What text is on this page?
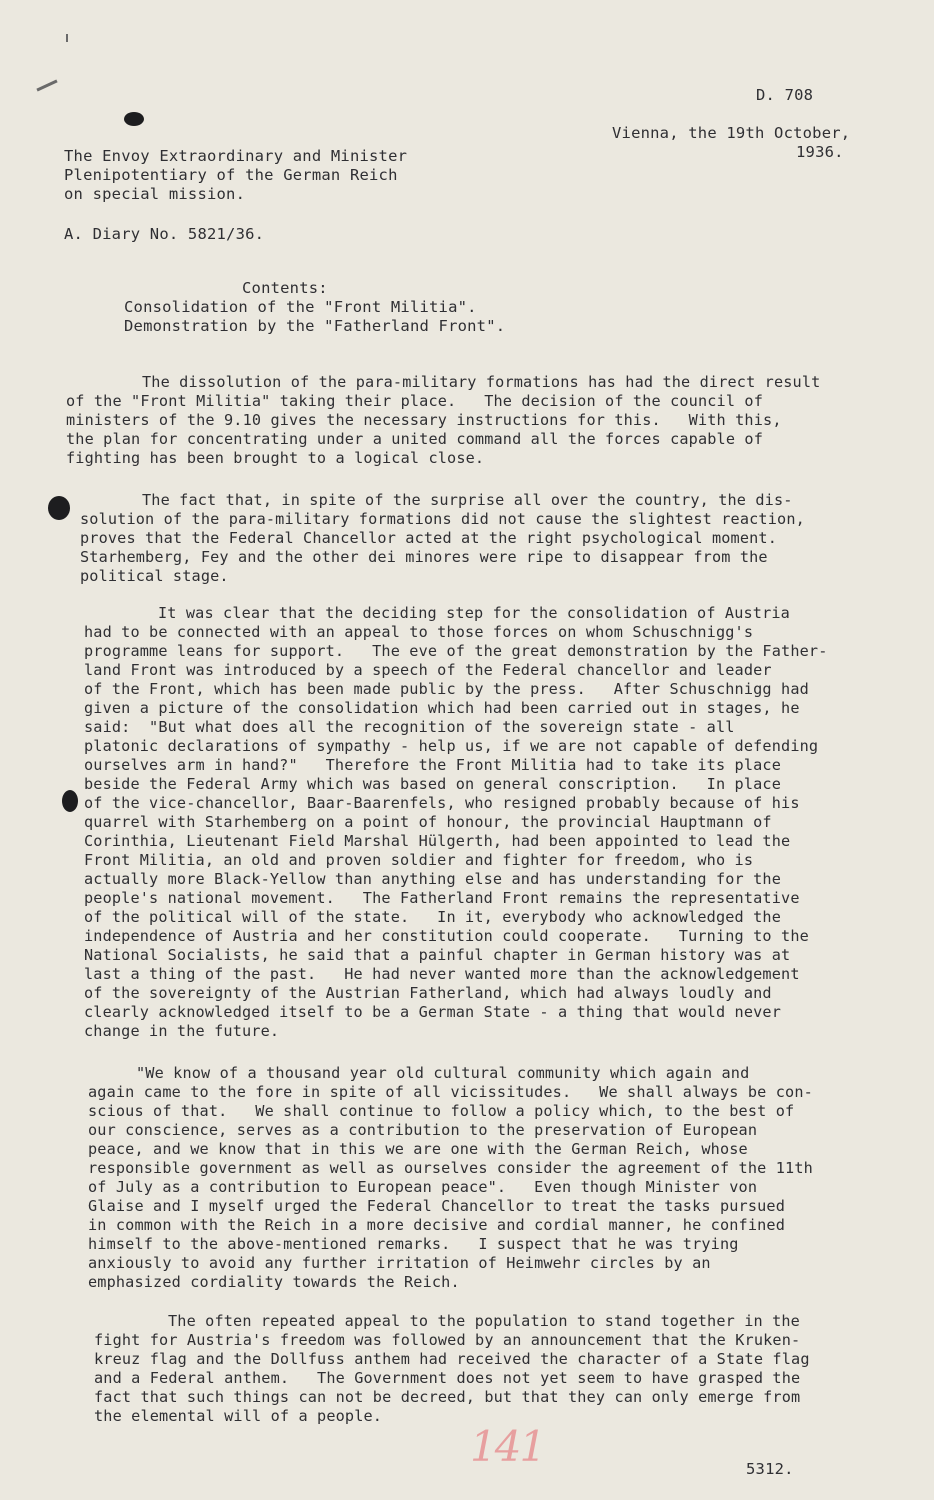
D. 708

Vienna, the 19th October,

1936.

The Envoy Extraordinary and Minister

Plenipotentiary of the German Reich

on special mission.

A. Diary No. 5821/36.

Contents:

Consolidation of the "Front Militia".

Demonstration by the "Fatherland Front".

The dissolution of the para-military formations has had the direct result
of the "Front Militia" taking their place.   The decision of the council of
ministers of the 9.10 gives the necessary instructions for this.   With this,
the plan for concentrating under a united command all the forces capable of
fighting has been brought to a logical close.

The fact that, in spite of the surprise all over the country, the dis-
solution of the para-military formations did not cause the slightest reaction,
proves that the Federal Chancellor acted at the right psychological moment.
Starhemberg, Fey and the other dei minores were ripe to disappear from the
political stage.

It was clear that the deciding step for the consolidation of Austria
had to be connected with an appeal to those forces on whom Schuschnigg's
programme leans for support.   The eve of the great demonstration by the Father-
land Front was introduced by a speech of the Federal chancellor and leader
of the Front, which has been made public by the press.   After Schuschnigg had
given a picture of the consolidation which had been carried out in stages, he
said:  "But what does all the recognition of the sovereign state - all
platonic declarations of sympathy - help us, if we are not capable of defending
ourselves arm in hand?"   Therefore the Front Militia had to take its place
beside the Federal Army which was based on general conscription.   In place
of the vice-chancellor, Baar-Baarenfels, who resigned probably because of his
quarrel with Starhemberg on a point of honour, the provincial Hauptmann of
Corinthia, Lieutenant Field Marshal Hülgerth, had been appointed to lead the
Front Militia, an old and proven soldier and fighter for freedom, who is
actually more Black-Yellow than anything else and has understanding for the
people's national movement.   The Fatherland Front remains the representative
of the political will of the state.   In it, everybody who acknowledged the
independence of Austria and her constitution could cooperate.   Turning to the
National Socialists, he said that a painful chapter in German history was at
last a thing of the past.   He had never wanted more than the acknowledgement
of the sovereignty of the Austrian Fatherland, which had always loudly and
clearly acknowledged itself to be a German State - a thing that would never
change in the future.

"We know of a thousand year old cultural community which again and
again came to the fore in spite of all vicissitudes.   We shall always be con-
scious of that.   We shall continue to follow a policy which, to the best of
our conscience, serves as a contribution to the preservation of European
peace, and we know that in this we are one with the German Reich, whose
responsible government as well as ourselves consider the agreement of the 11th
of July as a contribution to European peace".   Even though Minister von
Glaise and I myself urged the Federal Chancellor to treat the tasks pursued
in common with the Reich in a more decisive and cordial manner, he confined
himself to the above-mentioned remarks.   I suspect that he was trying
anxiously to avoid any further irritation of Heimwehr circles by an
emphasized cordiality towards the Reich.

The often repeated appeal to the population to stand together in the
fight for Austria's freedom was followed by an announcement that the Kruken-
kreuz flag and the Dollfuss anthem had received the character of a State flag
and a Federal anthem.   The Government does not yet seem to have grasped the
fact that such things can not be decreed, but that they can only emerge from
the elemental will of a people.

141	5312.
